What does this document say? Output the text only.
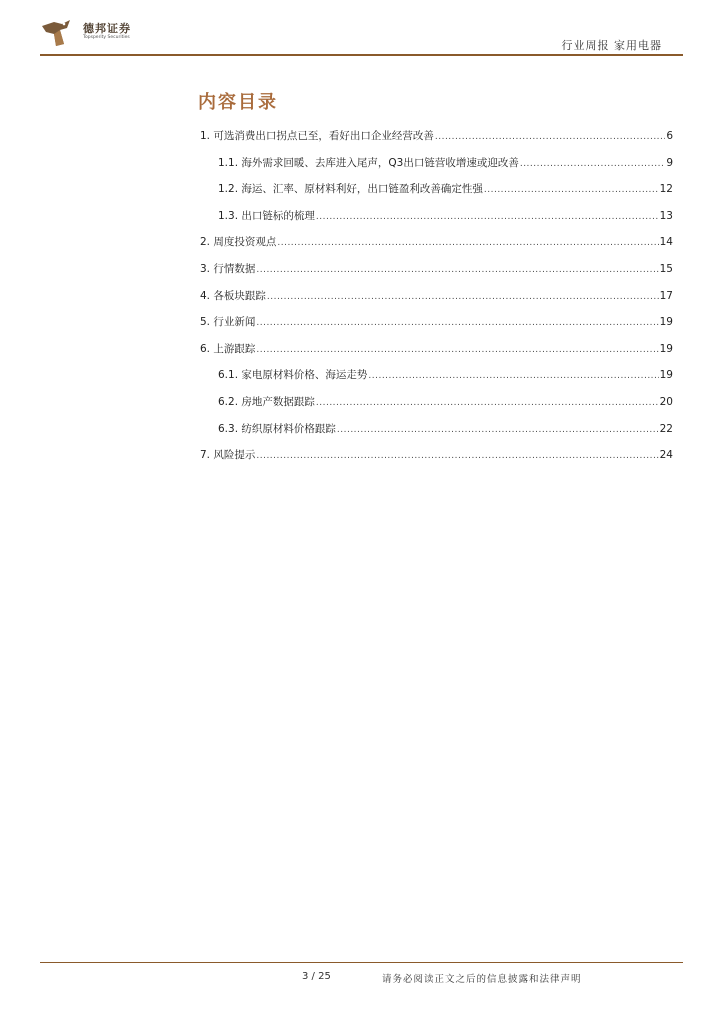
德邦证券
Topsperity Securities
行业周报 家用电器
内容目录
1. 可选消费出口拐点已至，看好出口企业经营改善 .....	6
1.1. 海外需求回暖、去库进入尾声，Q3出口链营收增速或迎改善 .....	9
1.2. 海运、汇率、原材料利好，出口链盈利改善确定性强 .....	12
1.3. 出口链标的梳理 .....	13
2. 周度投资观点 .....	14
3. 行情数据 .....	15
4. 各板块跟踪 .....	17
5. 行业新闻 .....	19
6. 上游跟踪 .....	19
6.1. 家电原材料价格、海运走势 .....	19
6.2. 房地产数据跟踪 .....	20
6.3. 纺织原材料价格跟踪 .....	22
7. 风险提示 .....	24
3 / 25	请务必阅读正文之后的信息披露和法律声明
